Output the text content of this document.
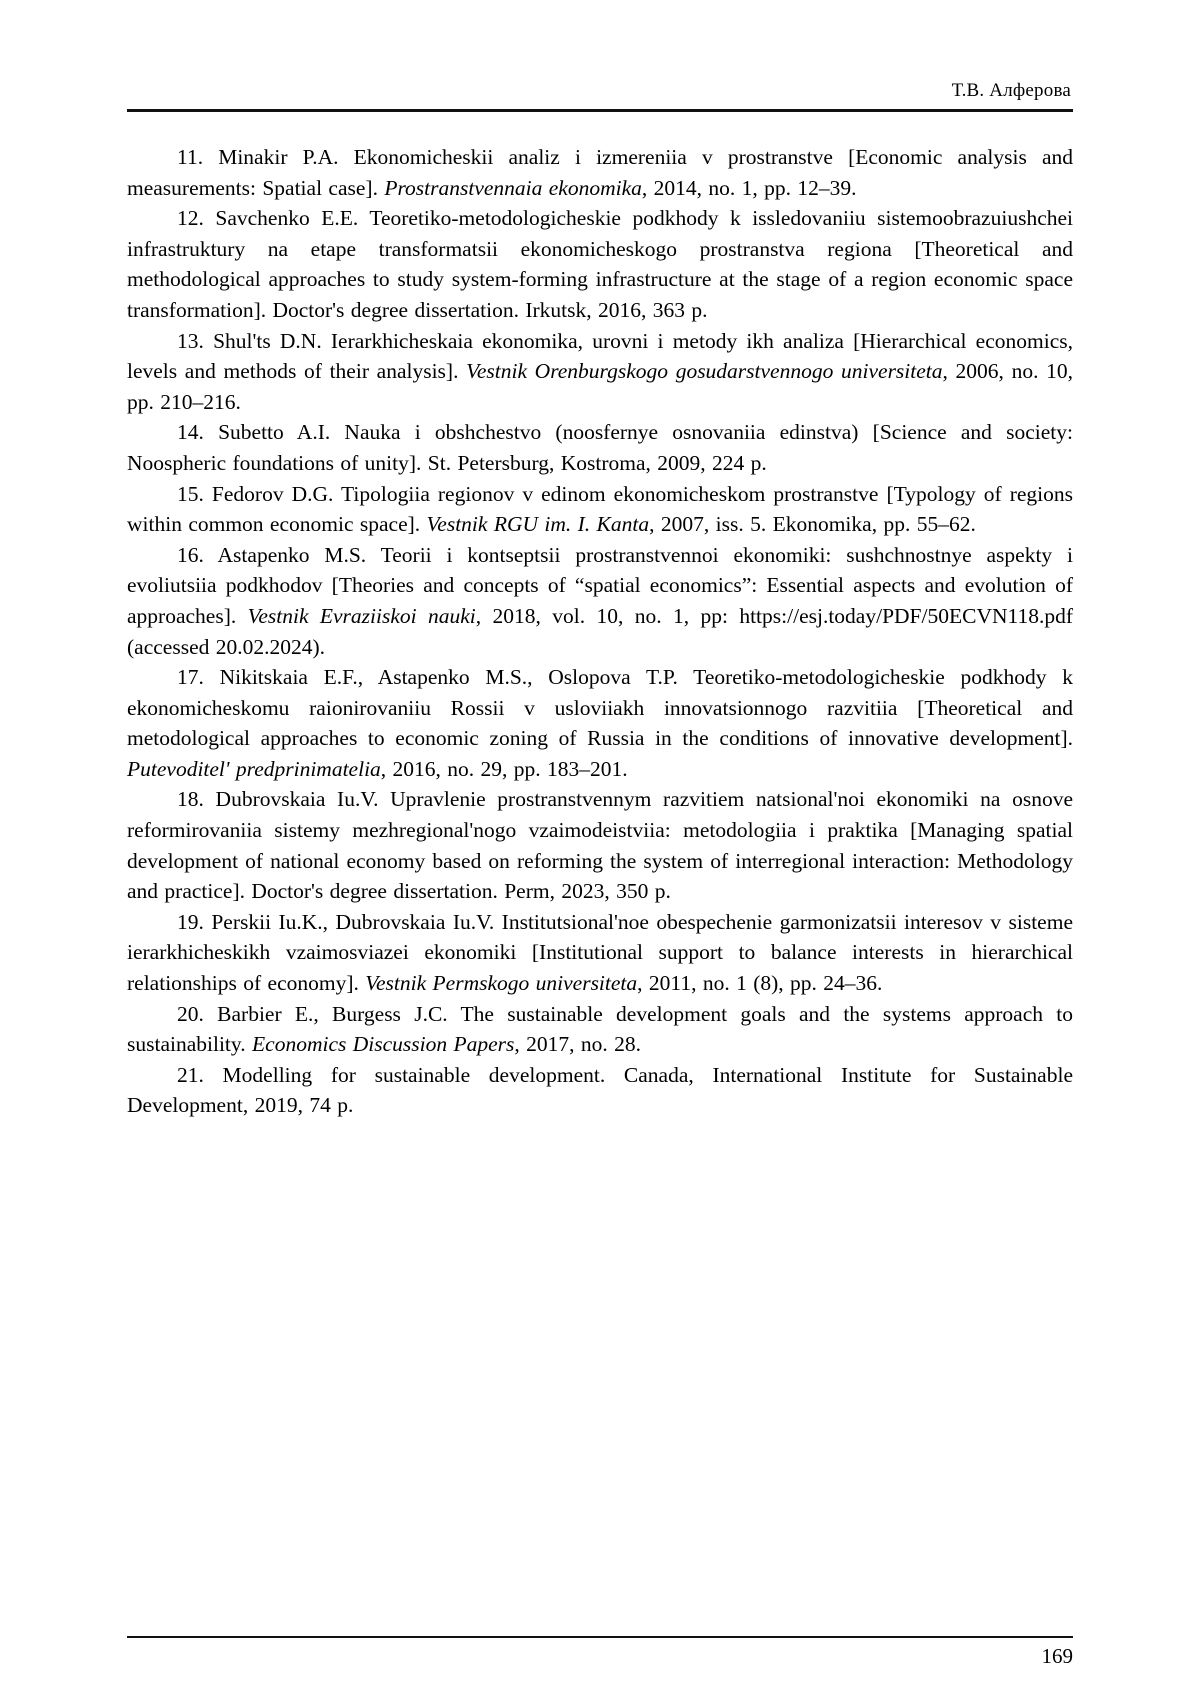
Т.В. Алферова

11. Minakir P.A. Ekonomicheskii analiz i izmereniia v prostranstve [Economic analysis and measurements: Spatial case]. Prostranstvennaia ekonomika, 2014, no. 1, pp. 12–39.

12. Savchenko E.E. Teoretiko-metodologicheskie podkhody k issledovaniiu sistemoobrazuiushchei infrastruktury na etape transformatsii ekonomicheskogo prostranstva regiona [Theoretical and methodological approaches to study system-forming infrastructure at the stage of a region economic space transformation]. Doctor's degree dissertation. Irkutsk, 2016, 363 p.

13. Shul'ts D.N. Ierarkhicheskaia ekonomika, urovni i metody ikh analiza [Hierarchical economics, levels and methods of their analysis]. Vestnik Orenburgskogo gosudarstvennogo universiteta, 2006, no. 10, pp. 210–216.

14. Subetto A.I. Nauka i obshchestvo (noosfernye osnovaniia edinstva) [Science and society: Noospheric foundations of unity]. St. Petersburg, Kostroma, 2009, 224 p.

15. Fedorov D.G. Tipologiia regionov v edinom ekonomicheskom prostranstve [Typology of regions within common economic space]. Vestnik RGU im. I. Kanta, 2007, iss. 5. Ekonomika, pp. 55–62.

16. Astapenko M.S. Teorii i kontseptsii prostranstvennoi ekonomiki: sushchnostnye aspekty i evoliutsiia podkhodov [Theories and concepts of “spatial economics”: Essential aspects and evolution of approaches]. Vestnik Evraziiskoi nauki, 2018, vol. 10, no. 1, pp: https://esj.today/PDF/50ECVN118.pdf (accessed 20.02.2024).

17. Nikitskaia E.F., Astapenko M.S., Oslopova T.P. Teoretiko-metodologicheskie podkhody k ekonomicheskomu raionirovaniiu Rossii v usloviiakh innovatsionnogo razvitiia [Theoretical and metodological approaches to economic zoning of Russia in the conditions of innovative development]. Putevoditel' predprinimatelia, 2016, no. 29, pp. 183–201.

18. Dubrovskaia Iu.V. Upravlenie prostranstvennym razvitiem natsional'noi ekonomiki na osnove reformirovaniia sistemy mezhregional'nogo vzaimodeistviia: metodologiia i praktika [Managing spatial development of national economy based on reforming the system of interregional interaction: Methodology and practice]. Doctor's degree dissertation. Perm, 2023, 350 p.

19. Perskii Iu.K., Dubrovskaia Iu.V. Institutsional'noe obespechenie garmonizatsii interesov v sisteme ierarkhicheskikh vzaimosviazei ekonomiki [Institutional support to balance interests in hierarchical relationships of economy]. Vestnik Permskogo universiteta, 2011, no. 1 (8), pp. 24–36.

20. Barbier E., Burgess J.C. The sustainable development goals and the systems approach to sustainability. Economics Discussion Papers, 2017, no. 28.

21. Modelling for sustainable development. Canada, International Institute for Sustainable Development, 2019, 74 p.

169
